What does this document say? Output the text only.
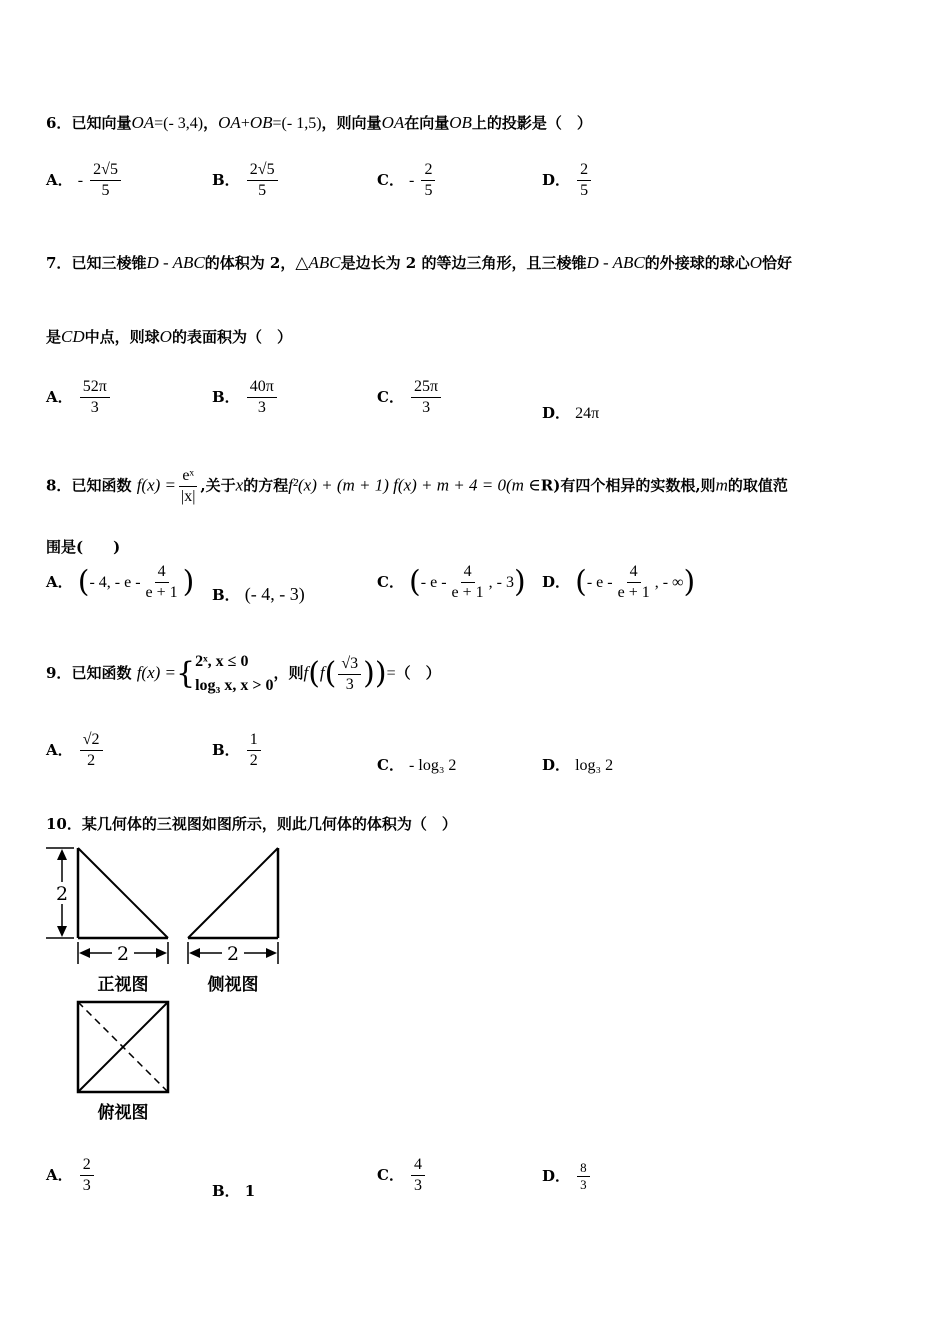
6．已知向量OA=(- 3,4)，OA+OB=(- 1,5)，则向量OA在向量OB上的投影是（　）
A． - $\frac{2√5}{5}$	B． $\frac{2√5}{5}$	C． - $\frac{2}{5}$	D． $\frac{2}{5}$
7．已知三棱锥D - ABC的体积为 2，△ABC是边长为 2 的等边三角形，且三棱锥D - ABC的外接球的球心O恰好
是CD中点，则球O的表面积为（　）
A． $\frac{52\pi}{3}$	B． $\frac{40\pi}{3}$	C． $\frac{25\pi}{3}$	D． 24π
8．已知函数 $f(x) = \frac{\text{eˣ}}{|x|}$ ,关于x的方程f²(x) + (m + 1) f(x) + m + 4 = 0(m ∈R)有四个相异的实数根,则m的取值范
围是(　　)
A． (- 4, - e - $\frac{4}{e + 1}$ ) B． (- 4, - 3)
C． (- e - $\frac{4}{e + 1}$ , - 3) D． (- e - $\frac{4}{e + 1}$ , - ∞)
9．已知函数 f(x) ={ 2ˣ, x ≤ 0
log₃ x, x > 0
，则$f(f( \frac{√3}{3}$ ))=（　）
A． $\frac{√2}{2}$	B． $\frac{1}{2}$	C． - log₃ 2	D． log₃ 2
10．某几何体的三视图如图所示，则此几何体的体积为（　）
2
2
正视图
2
侧视图
俯视图
A． $\frac{2}{3}$	B． 1
C． $\frac{4}{3}$	D． $\frac{8}{3}$
